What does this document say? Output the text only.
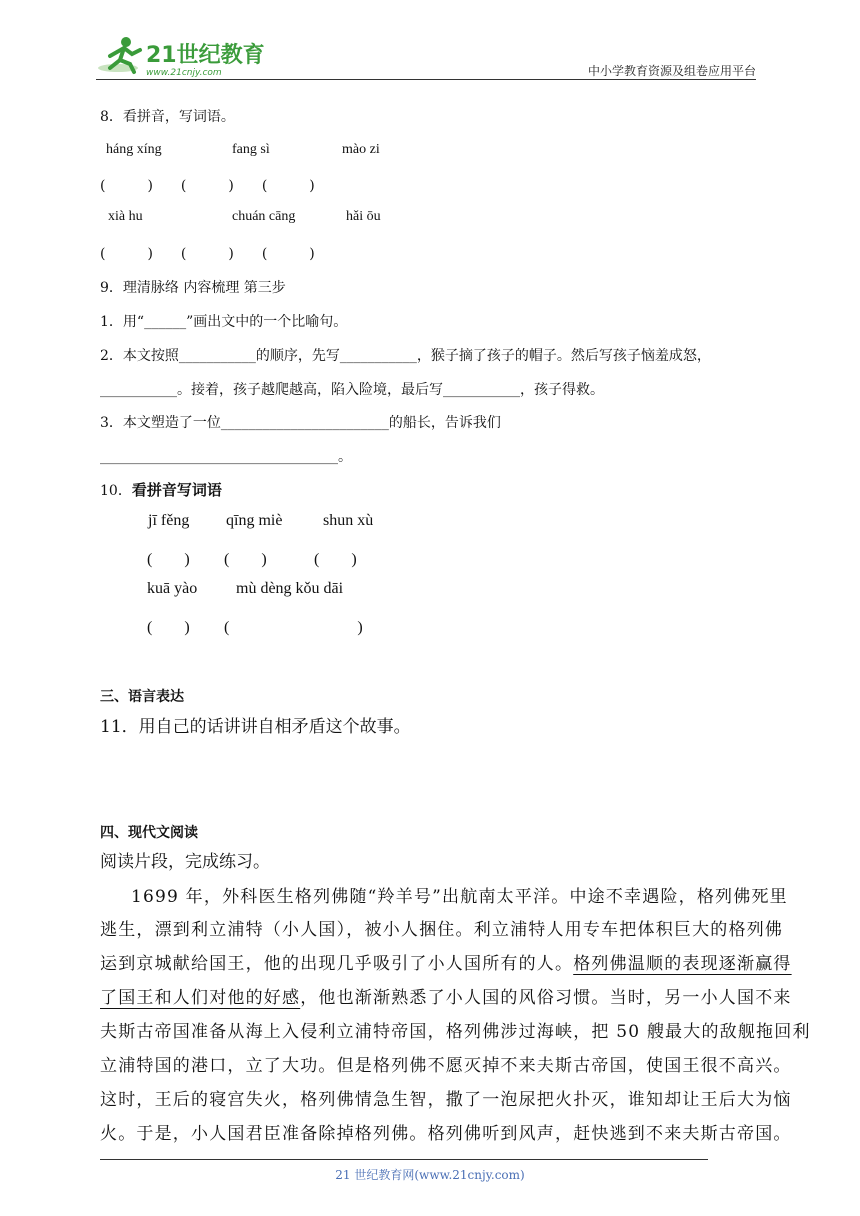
21世纪教育
www.21cnjy.com	中小学教育资源及组卷应用平台
8．看拼音，写词语。
háng xíng	fang sì	mào zi
(　　　)　　(　　　)　　(　　　)
xià hu	chuán cāng	hǎi ōu
(　　　)　　(　　　)　　(　　　)
9．理清脉络 内容梳理 第三步
1．用“______”画出文中的一个比喻句。
2．本文按照___________的顺序，先写___________，猴子摘了孩子的帽子。然后写孩子恼羞成怒，
___________。接着，孩子越爬越高，陷入险境，最后写___________，孩子得救。
3．本文塑造了一位________________________的船长，告诉我们
__________________________________。
10．看拼音写词语
jī fěng qīng miè	shun xù
(　　) (　　)	(　　)
kuā yào mù dèng kǒu dāi
(　　) (　　　　　　　　)
三、语言表达
11．用自己的话讲讲自相矛盾这个故事。
四、现代文阅读
阅读片段，完成练习。
1699 年，外科医生格列佛随“羚羊号”出航南太平洋。中途不幸遇险，格列佛死里
逃生，漂到利立浦特（小人国），被小人捆住。利立浦特人用专车把体积巨大的格列佛
运到京城献给国王，他的出现几乎吸引了小人国所有的人。格列佛温顺的表现逐渐赢得
了国王和人们对他的好感，他也渐渐熟悉了小人国的风俗习惯。当时，另一小人国不来
夫斯古帝国准备从海上入侵利立浦特帝国，格列佛涉过海峡，把 50 艘最大的敌舰拖回利
立浦特国的港口，立了大功。但是格列佛不愿灭掉不来夫斯古帝国，使国王很不高兴。
这时，王后的寝宫失火，格列佛情急生智，撒了一泡尿把火扑灭，谁知却让王后大为恼
火。于是，小人国君臣准备除掉格列佛。格列佛听到风声，赶快逃到不来夫斯古帝国。
21 世纪教育网(www.21cnjy.com)
